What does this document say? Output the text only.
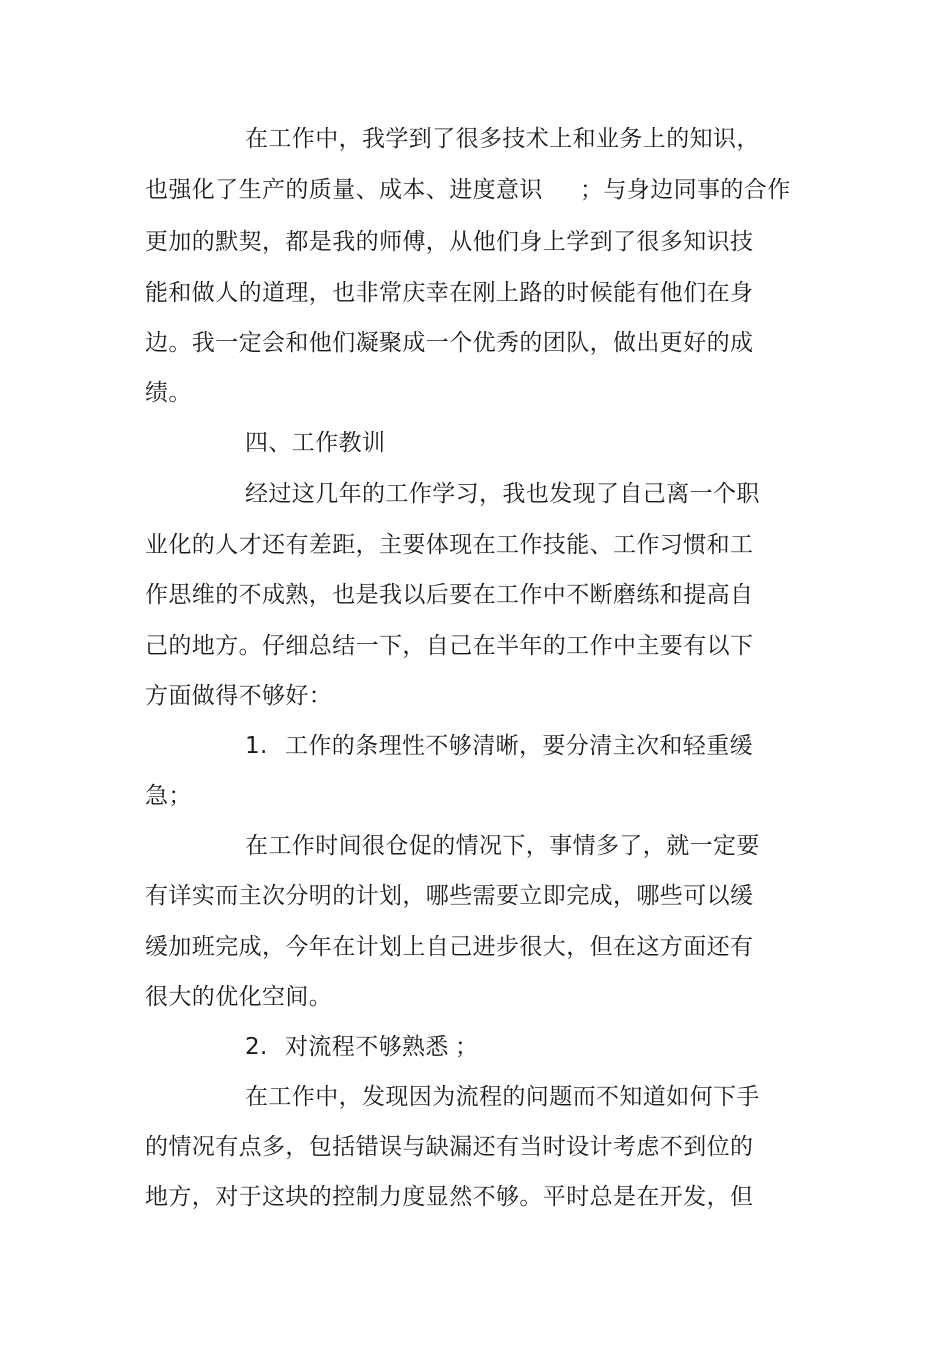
在工作中，我学到了很多技术上和业务上的知识，
也强化了生产的质量、成本、进度意识 ；与身边同事的合作
更加的默契，都是我的师傅，从他们身上学到了很多知识技
能和做人的道理，也非常庆幸在刚上路的时候能有他们在身
边。我一定会和他们凝聚成一个优秀的团队，做出更好的成
绩。
四、工作教训
经过这几年的工作学习，我也发现了自己离一个职
业化的人才还有差距，主要体现在工作技能、工作习惯和工
作思维的不成熟，也是我以后要在工作中不断磨练和提高自
己的地方。仔细总结一下，自己在半年的工作中主要有以下
方面做得不够好：
1. 工作的条理性不够清晰，要分清主次和轻重缓
急；
在工作时间很仓促的情况下，事情多了，就一定要
有详实而主次分明的计划，哪些需要立即完成，哪些可以缓
缓加班完成，今年在计划上自己进步很大，但在这方面还有
很大的优化空间。
2. 对流程不够熟悉 ；
在工作中，发现因为流程的问题而不知道如何下手
的情况有点多，包括错误与缺漏还有当时设计考虑不到位的
地方，对于这块的控制力度显然不够。平时总是在开发，但
